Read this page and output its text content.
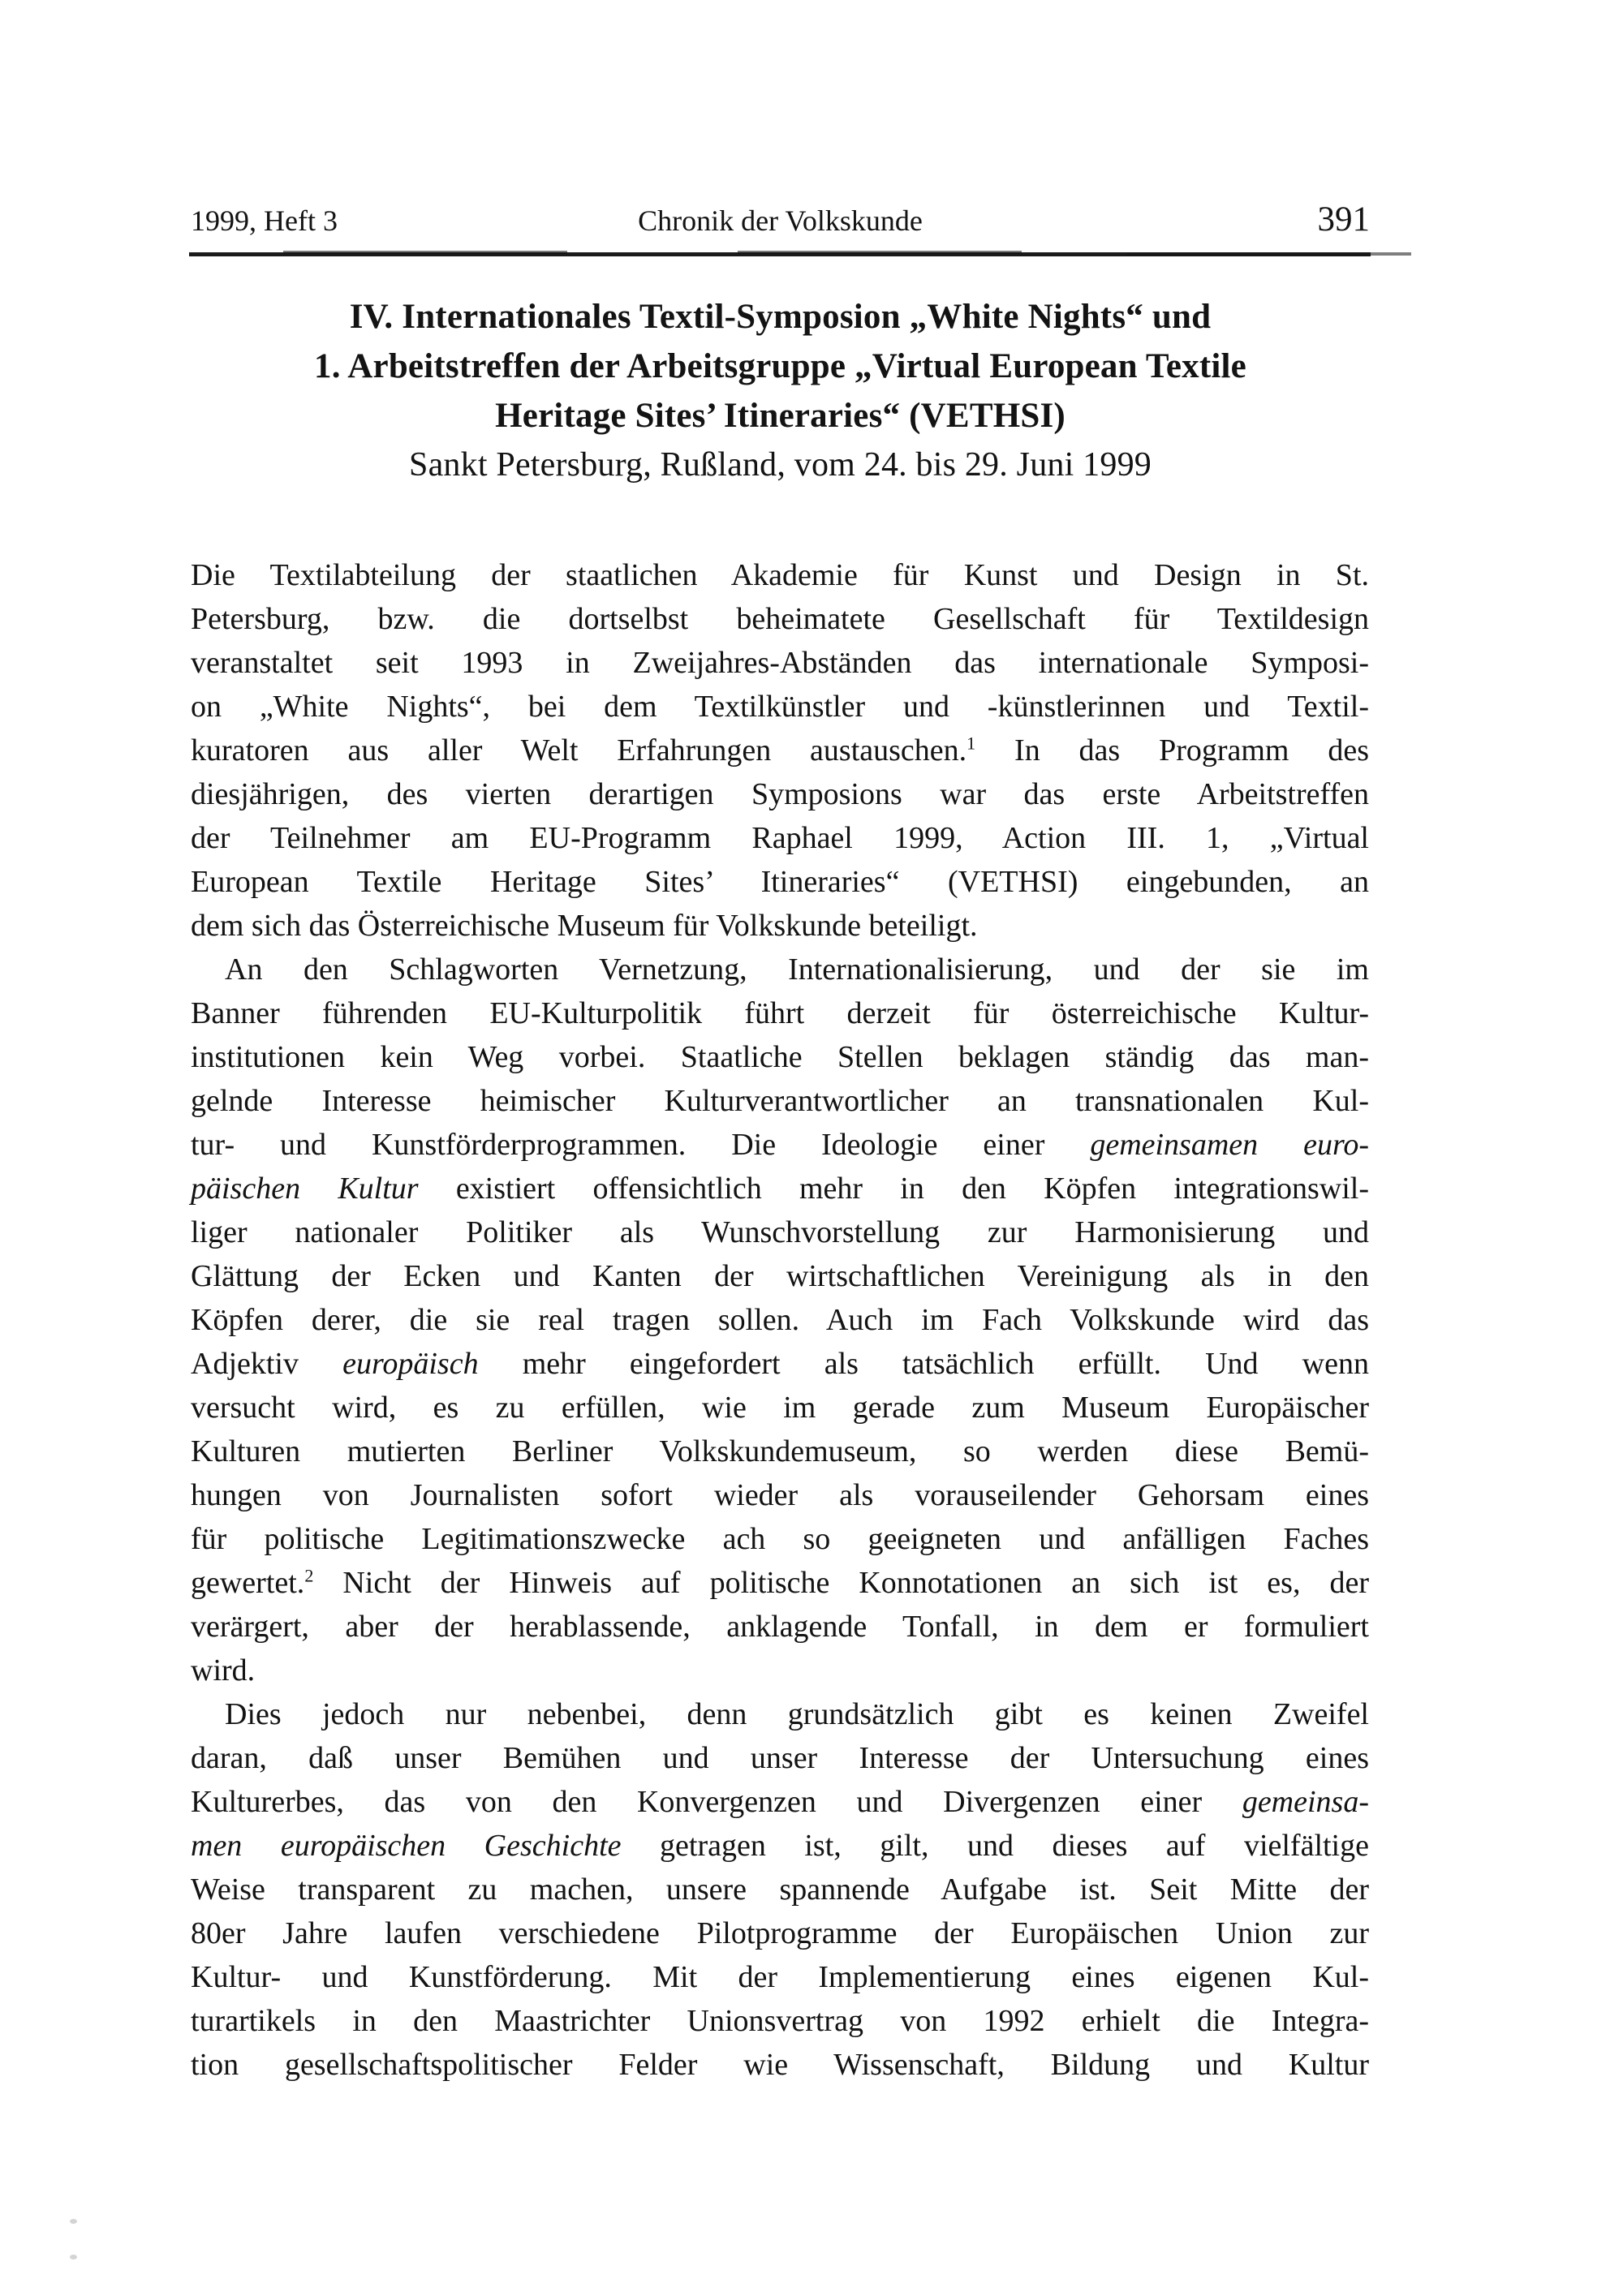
1999, Heft 3	Chronik der Volkskunde	391
IV. Internationales Textil-Symposion „White Nights“ und
1. Arbeitstreffen der Arbeitsgruppe „Virtual European Textile
Heritage Sites’ Itineraries“ (VETHSI)
Sankt Petersburg, Rußland, vom 24. bis 29. Juni 1999
Die Textilabteilung der staatlichen Akademie für Kunst und Design in St.
Petersburg, bzw. die dortselbst beheimatete Gesellschaft für Textildesign
veranstaltet seit 1993 in Zweijahres-Abständen das internationale Symposi-
on „White Nights“, bei dem Textilkünstler und -künstlerinnen und Textil-
kuratoren aus aller Welt Erfahrungen austauschen.$^1$ In das Programm des
diesjährigen, des vierten derartigen Symposions war das erste Arbeitstreffen
der Teilnehmer am EU-Programm Raphael 1999, Action III. 1, „Virtual
European Textile Heritage Sites’ Itineraries“ (VETHSI) eingebunden, an
dem sich das Österreichische Museum für Volkskunde beteiligt.
An den Schlagworten Vernetzung, Internationalisierung, und der sie im
Banner führenden EU-Kulturpolitik führt derzeit für österreichische Kultur-
institutionen kein Weg vorbei. Staatliche Stellen beklagen ständig das man-
gelnde Interesse heimischer Kulturverantwortlicher an transnationalen Kul-
tur- und Kunstförderprogrammen. Die Ideologie einer gemeinsamen euro-
päischen Kultur existiert offensichtlich mehr in den Köpfen integrationswil-
liger nationaler Politiker als Wunschvorstellung zur Harmonisierung und
Glättung der Ecken und Kanten der wirtschaftlichen Vereinigung als in den
Köpfen derer, die sie real tragen sollen. Auch im Fach Volkskunde wird das
Adjektiv europäisch mehr eingefordert als tatsächlich erfüllt. Und wenn
versucht wird, es zu erfüllen, wie im gerade zum Museum Europäischer
Kulturen mutierten Berliner Volkskundemuseum, so werden diese Bemü-
hungen von Journalisten sofort wieder als vorauseilender Gehorsam eines
für politische Legitimationszwecke ach so geeigneten und anfälligen Faches
gewertet.$^2$ Nicht der Hinweis auf politische Konnotationen an sich ist es, der
verärgert, aber der herablassende, anklagende Tonfall, in dem er formuliert
wird.
Dies jedoch nur nebenbei, denn grundsätzlich gibt es keinen Zweifel
daran, daß unser Bemühen und unser Interesse der Untersuchung eines
Kulturerbes, das von den Konvergenzen und Divergenzen einer gemeinsa-
men europäischen Geschichte getragen ist, gilt, und dieses auf vielfältige
Weise transparent zu machen, unsere spannende Aufgabe ist. Seit Mitte der
80er Jahre laufen verschiedene Pilotprogramme der Europäischen Union zur
Kultur- und Kunstförderung. Mit der Implementierung eines eigenen Kul-
turartikels in den Maastrichter Unionsvertrag von 1992 erhielt die Integra-
tion gesellschaftspolitischer Felder wie Wissenschaft, Bildung und Kultur
